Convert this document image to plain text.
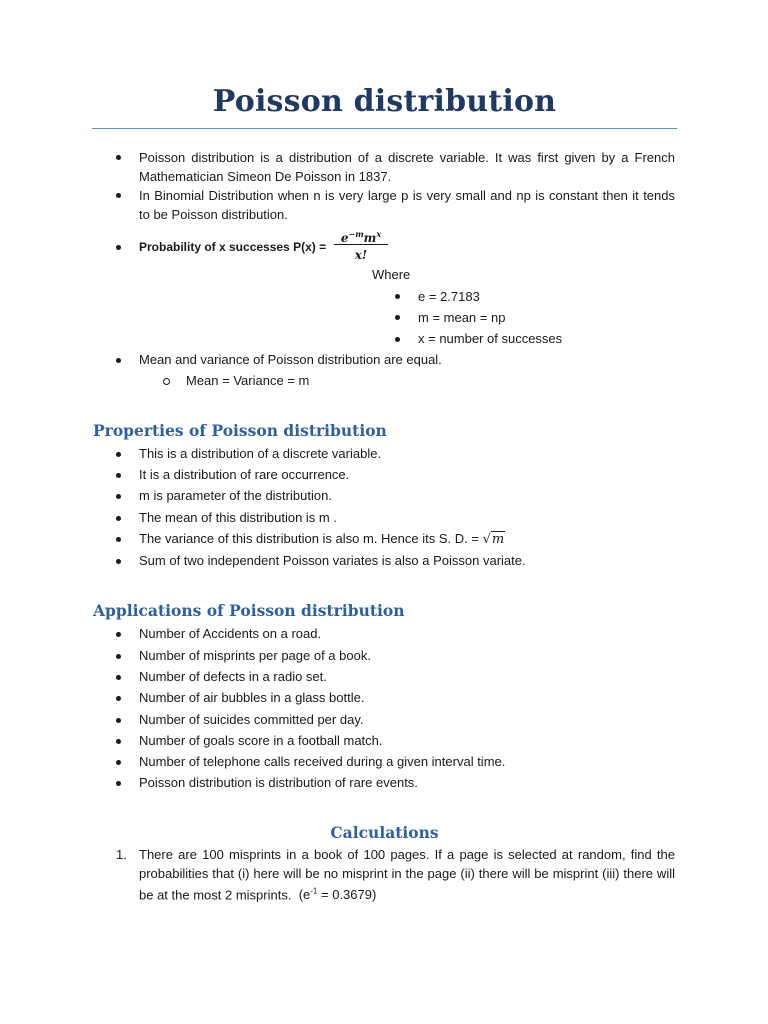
Poisson distribution
Poisson distribution is a distribution of a discrete variable. It was first given by a French Mathematician Simeon De Poisson in 1837.
In Binomial Distribution when n is very large p is very small and np is constant then it tends to be Poisson distribution.
Probability of x successes P(x) =
$e^{-m}m^x$
x!
Where
e = 2.7183
m = mean = np
x = number of successes
Mean and variance of Poisson distribution are equal.
Mean = Variance = m
Properties of Poisson distribution
This is a distribution of a discrete variable.
It is a distribution of rare occurrence.
m is parameter of the distribution.
The mean of this distribution is m .
The variance of this distribution is also m. Hence its S. D. = √m
Sum of two independent Poisson variates is also a Poisson variate.
Applications of Poisson distribution
Number of Accidents on a road.
Number of misprints per page of a book.
Number of defects in a radio set.
Number of air bubbles in a glass bottle.
Number of suicides committed per day.
Number of goals score in a football match.
Number of telephone calls received during a given interval time.
Poisson distribution is distribution of rare events.
Calculations
1. There are 100 misprints in a book of 100 pages. If a page is selected at random, find the probabilities that (i) here will be no misprint in the page (ii) there will be misprint (iii) there will be at the most 2 misprints. $(e^{-1} = 0.3679)$
